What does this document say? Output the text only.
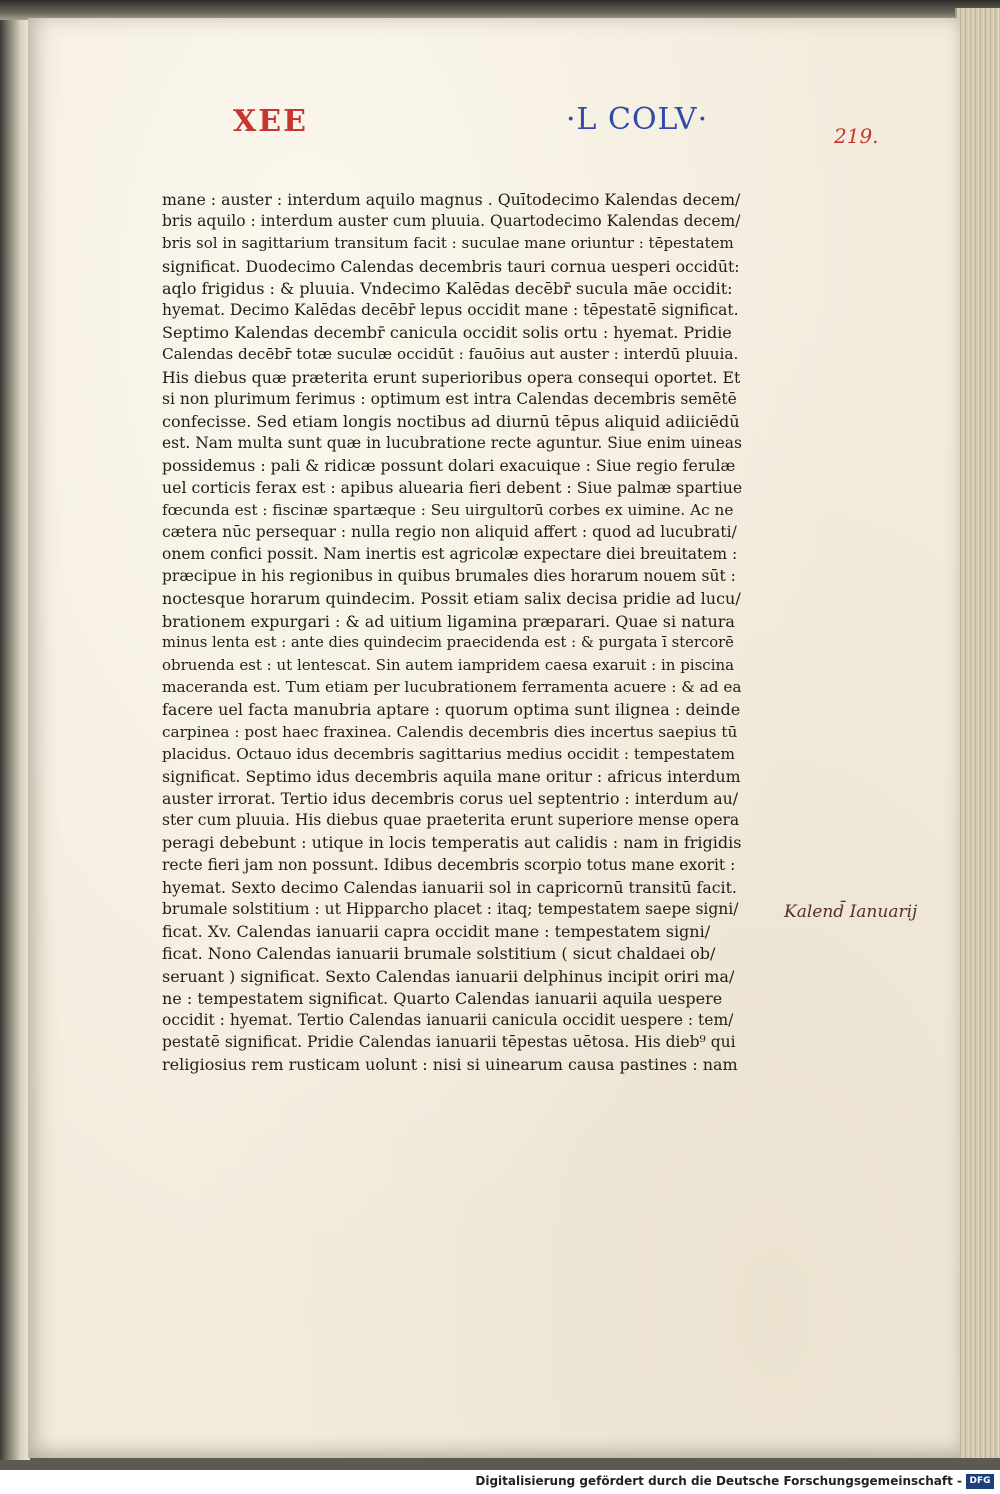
XEE	·L COLV·	219.
mane : auster : interdum aquilo magnus . Quītodecimo Kalendas decem/
bris aquilo : interdum auster cum pluuia. Quartodecimo Kalendas decem/
bris sol in sagittarium transitum facit : suculae mane oriuntur : tēpestatem
significat. Duodecimo Calendas decembris tauri cornua uesperi occidūt:
aqlo frigidus : & pluuia. Vndecimo Kalēdas decēbr̄ sucula māe occidit:
hyemat. Decimo Kalēdas decēbr̄ lepus occidit mane : tēpestatē significat.
Septimo Kalendas decembr̄ canicula occidit solis ortu : hyemat. Pridie
Calendas decēbr̄ totæ suculæ occidūt : fauōius aut auster : interdū pluuia.
His diebus quæ præterita erunt superioribus opera consequi oportet. Et
si non plurimum ferimus : optimum est intra Calendas decembris semētē
confecisse. Sed etiam longis noctibus ad diurnū tēpus aliquid adiiciēdū
est. Nam multa sunt quæ in lucubratione recte aguntur. Siue enim uineas
possidemus : pali & ridicæ possunt dolari exacuique : Siue regio ferulæ
uel corticis ferax est : apibus aluearia fieri debent : Siue palmæ spartiue
fœcunda est : fiscinæ spartæque : Seu uirgultorū corbes ex uimine. Ac ne
cætera nūc persequar : nulla regio non aliquid affert : quod ad lucubrati/
onem confici possit. Nam inertis est agricolæ expectare diei breuitatem :
præcipue in his regionibus in quibus brumales dies horarum nouem sūt :
noctesque horarum quindecim. Possit etiam salix decisa pridie ad lucu/
brationem expurgari : & ad uitium ligamina præparari. Quae si natura
minus lenta est : ante dies quindecim praecidenda est : & purgata ī stercorē
obruenda est : ut lentescat. Sin autem iampridem caesa exaruit : in piscina
maceranda est. Tum etiam per lucubrationem ferramenta acuere : & ad ea
facere uel facta manubria aptare : quorum optima sunt ilignea : deinde
carpinea : post haec fraxinea. Calendis decembris dies incertus saepius tū
placidus. Octauo idus decembris sagittarius medius occidit : tempestatem
significat. Septimo idus decembris aquila mane oritur : africus interdum
auster irrorat. Tertio idus decembris corus uel septentrio : interdum au/
ster cum pluuia. His diebus quae praeterita erunt superiore mense opera
peragi debebunt : utique in locis temperatis aut calidis : nam in frigidis
recte fieri jam non possunt. Idibus decembris scorpio totus mane exorit :
hyemat. Sexto decimo Calendas ianuarii sol in capricornū transitū facit.
brumale solstitium : ut Hipparcho placet : itaq; tempestatem saepe signi/
ficat. Xv. Calendas ianuarii capra occidit mane : tempestatem signi/
ficat. Nono Calendas ianuarii brumale solstitium ( sicut chaldaei ob/
seruant ) significat. Sexto Calendas ianuarii delphinus incipit oriri ma/
ne : tempestatem significat. Quarto Calendas ianuarii aquila uespere
occidit : hyemat. Tertio Calendas ianuarii canicula occidit uespere : tem/
pestatē significat. Pridie Calendas ianuarii tēpestas uētosa. His dieb⁹ qui
religiosius rem rusticam uolunt : nisi si uinearum causa pastines : nam
Kalend̄ Ianuarij
Digitalisierung gefördert durch die Deutsche Forschungsgemeinschaft - DFG
